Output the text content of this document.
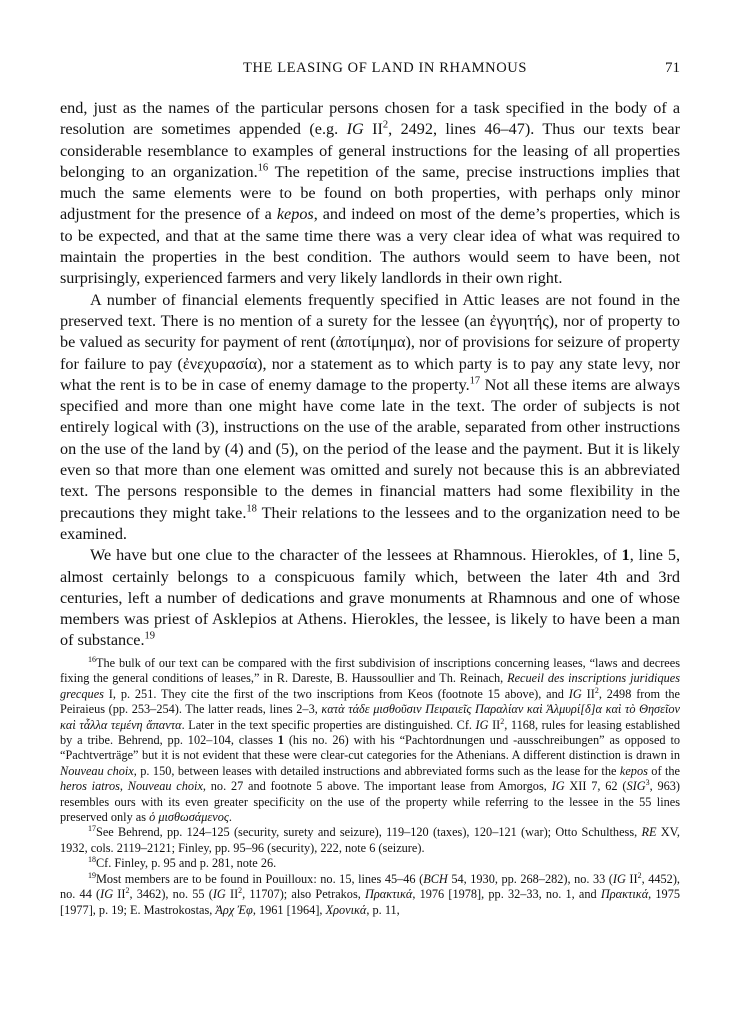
THE LEASING OF LAND IN RHAMNOUS	71

end, just as the names of the particular persons chosen for a task specified in the body of a resolution are sometimes appended (e.g. IG $II^2$, 2492, lines 46–47). Thus our texts bear considerable resemblance to examples of general instructions for the leasing of all properties belonging to an organization.$^{16}$ The repetition of the same, precise instructions implies that much the same elements were to be found on both properties, with perhaps only minor adjustment for the presence of a kepos, and indeed on most of the deme’s properties, which is to be expected, and that at the same time there was a very clear idea of what was required to maintain the properties in the best condition. The authors would seem to have been, not surprisingly, experienced farmers and very likely landlords in their own right.

A number of financial elements frequently specified in Attic leases are not found in the preserved text. There is no mention of a surety for the lessee (an ἐγγυητής), nor of property to be valued as security for payment of rent (ἀποτίμημα), nor of provisions for seizure of property for failure to pay (ἐνεχυρασία), nor a statement as to which party is to pay any state levy, nor what the rent is to be in case of enemy damage to the property.$^{17}$ Not all these items are always specified and more than one might have come late in the text. The order of subjects is not entirely logical with (3), instructions on the use of the arable, separated from other instructions on the use of the land by (4) and (5), on the period of the lease and the payment. But it is likely even so that more than one element was omitted and surely not because this is an abbreviated text. The persons responsible to the demes in financial matters had some flexibility in the precautions they might take.$^{18}$ Their relations to the lessees and to the organization need to be examined.

We have but one clue to the character of the lessees at Rhamnous. Hierokles, of 1, line 5, almost certainly belongs to a conspicuous family which, between the later 4th and 3rd centuries, left a number of dedications and grave monuments at Rhamnous and one of whose members was priest of Asklepios at Athens. Hierokles, the lessee, is likely to have been a man of substance.$^{19}$

$^{16}$The bulk of our text can be compared with the first subdivision of inscriptions concerning leases, “laws and decrees fixing the general conditions of leases,” in R. Dareste, B. Haussoullier and Th. Reinach, Recueil des inscriptions juridiques grecques I, p. 251. They cite the first of the two inscriptions from Keos (footnote 15 above), and IG $II^2$, 2498 from the Peiraieus (pp. 253–254). The latter reads, lines 2–3, κατὰ τάδε μισθοῦσιν Πειραιεῖς Παραλίαν καὶ Ἁλμυρί[δ]α καὶ τὸ Θησεῖον καὶ τἆλλα τεμένη ἅπαντα. Later in the text specific properties are distinguished. Cf. IG $II^2$, 1168, rules for leasing established by a tribe. Behrend, pp. 102–104, classes 1 (his no. 26) with his “Pachtordnungen und -ausschreibungen” as opposed to “Pachtverträge” but it is not evident that these were clear-cut categories for the Athenians. A different distinction is drawn in Nouveau choix, p. 150, between leases with detailed instructions and abbreviated forms such as the lease for the kepos of the heros iatros, Nouveau choix, no. 27 and footnote 5 above. The important lease from Amorgos, IG XII 7, 62 (SIG$^3$, 963) resembles ours with its even greater specificity on the use of the property while referring to the lessee in the 55 lines preserved only as ὁ μισθωσάμενος.

$^{17}$See Behrend, pp. 124–125 (security, surety and seizure), 119–120 (taxes), 120–121 (war); Otto Schulthess, RE XV, 1932, cols. 2119–2121; Finley, pp. 95–96 (security), 222, note 6 (seizure).

$^{18}$Cf. Finley, p. 95 and p. 281, note 26.

$^{19}$Most members are to be found in Pouilloux: no. 15, lines 45–46 (BCH 54, 1930, pp. 268–282), no. 33 (IG $II^2$, 4452), no. 44 (IG $II^2$, 3462), no. 55 (IG $II^2$, 11707); also Petrakos, Πρακτικά, 1976 [1978], pp. 32–33, no. 1, and Πρακτικά, 1975 [1977], p. 19; E. Mastrokostas, Ἀρχ Ἐφ, 1961 [1964], Χρονικά, p. 11,
